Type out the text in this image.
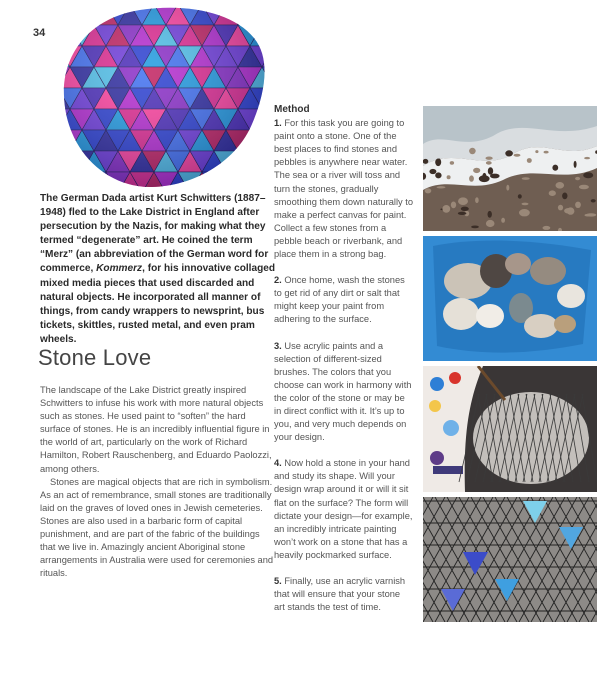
34
The German Dada artist Kurt Schwitters (1887–1948) fled to the Lake District in England after persecution by the Nazis, for making what they termed “degenerate” art. He coined the term “Merz” (an abbreviation of the German word for commerce, Kommerz, for his innovative collaged mixed media pieces that used discarded and natural objects. He incorporated all manner of things, from candy wrappers to newsprint, bus tickets, skittles, rusted metal, and even pram wheels.
Stone Love

The landscape of the Lake District greatly inspired Schwitters to infuse his work with more natural objects such as stones. He used paint to “soften” the hard surface of stones. He is an incredibly influential figure in the world of art, particularly on the work of Richard Hamilton, Robert Rauschenberg, and Eduardo Paolozzi, among others.

Stones are magical objects that are rich in symbolism. As an act of remembrance, small stones are traditionally laid on the graves of loved ones in Jewish cemeteries. Stones are also used in a barbaric form of capital punishment, and are part of the fabric of the buildings that we live in. Amazingly ancient Aboriginal stone arrangements in Australia were used for ceremonies and rituals.

Method

1. For this task you are going to paint onto a stone. One of the best places to find stones and pebbles is anywhere near water. The sea or a river will toss and turn the stones, gradually smoothing them down naturally to make a perfect canvas for paint. Collect a few stones from a pebble beach or riverbank, and place them in a strong bag.

2. Once home, wash the stones to get rid of any dirt or salt that might keep your paint from adhering to the surface.

3. Use acrylic paints and a selection of different-sized brushes. The colors that you choose can work in harmony with the color of the stone or may be in direct conflict with it. It’s up to you, and very much depends on your design.

4. Now hold a stone in your hand and study its shape. Will your design wrap around it or will it sit flat on the surface? The form will dictate your design—for example, an incredibly intricate painting won’t work on a stone that has a heavily pockmarked surface.

5. Finally, use an acrylic varnish that will ensure that your stone art stands the test of time.
